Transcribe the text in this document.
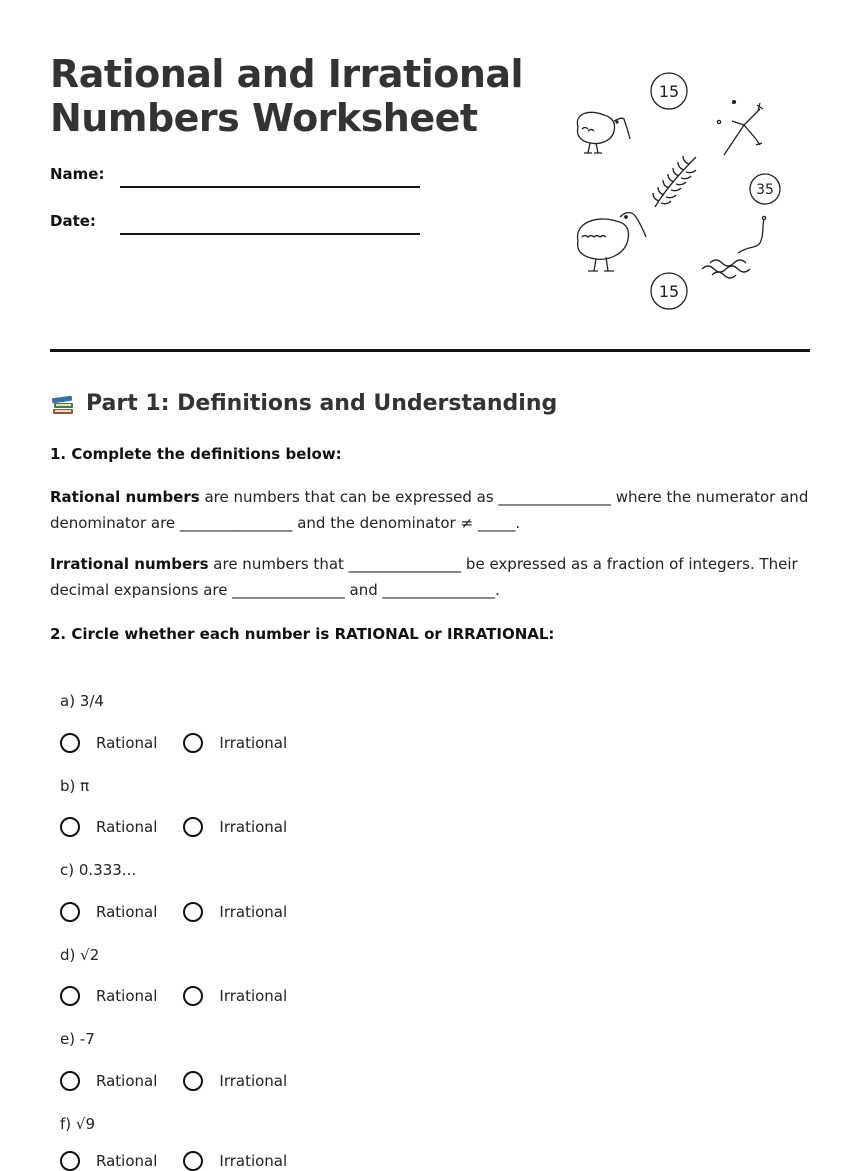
Rational and Irrational
Numbers Worksheet
Name:
Date:
15
35
15
Part 1: Definitions and Understanding
1. Complete the definitions below:
Rational numbers are numbers that can be expressed as _______________ where the numerator and denominator are _______________ and the denominator ≠ _____.
Irrational numbers are numbers that _______________ be expressed as a fraction of integers. Their decimal expansions are _______________ and _______________.
2. Circle whether each number is RATIONAL or IRRATIONAL:
a) 3/4
Rational	Irrational
b) π
Rational	Irrational
c) 0.333...
Rational	Irrational
d) √2
Rational	Irrational
e) -7
Rational	Irrational
f) √9
Rational	Irrational
